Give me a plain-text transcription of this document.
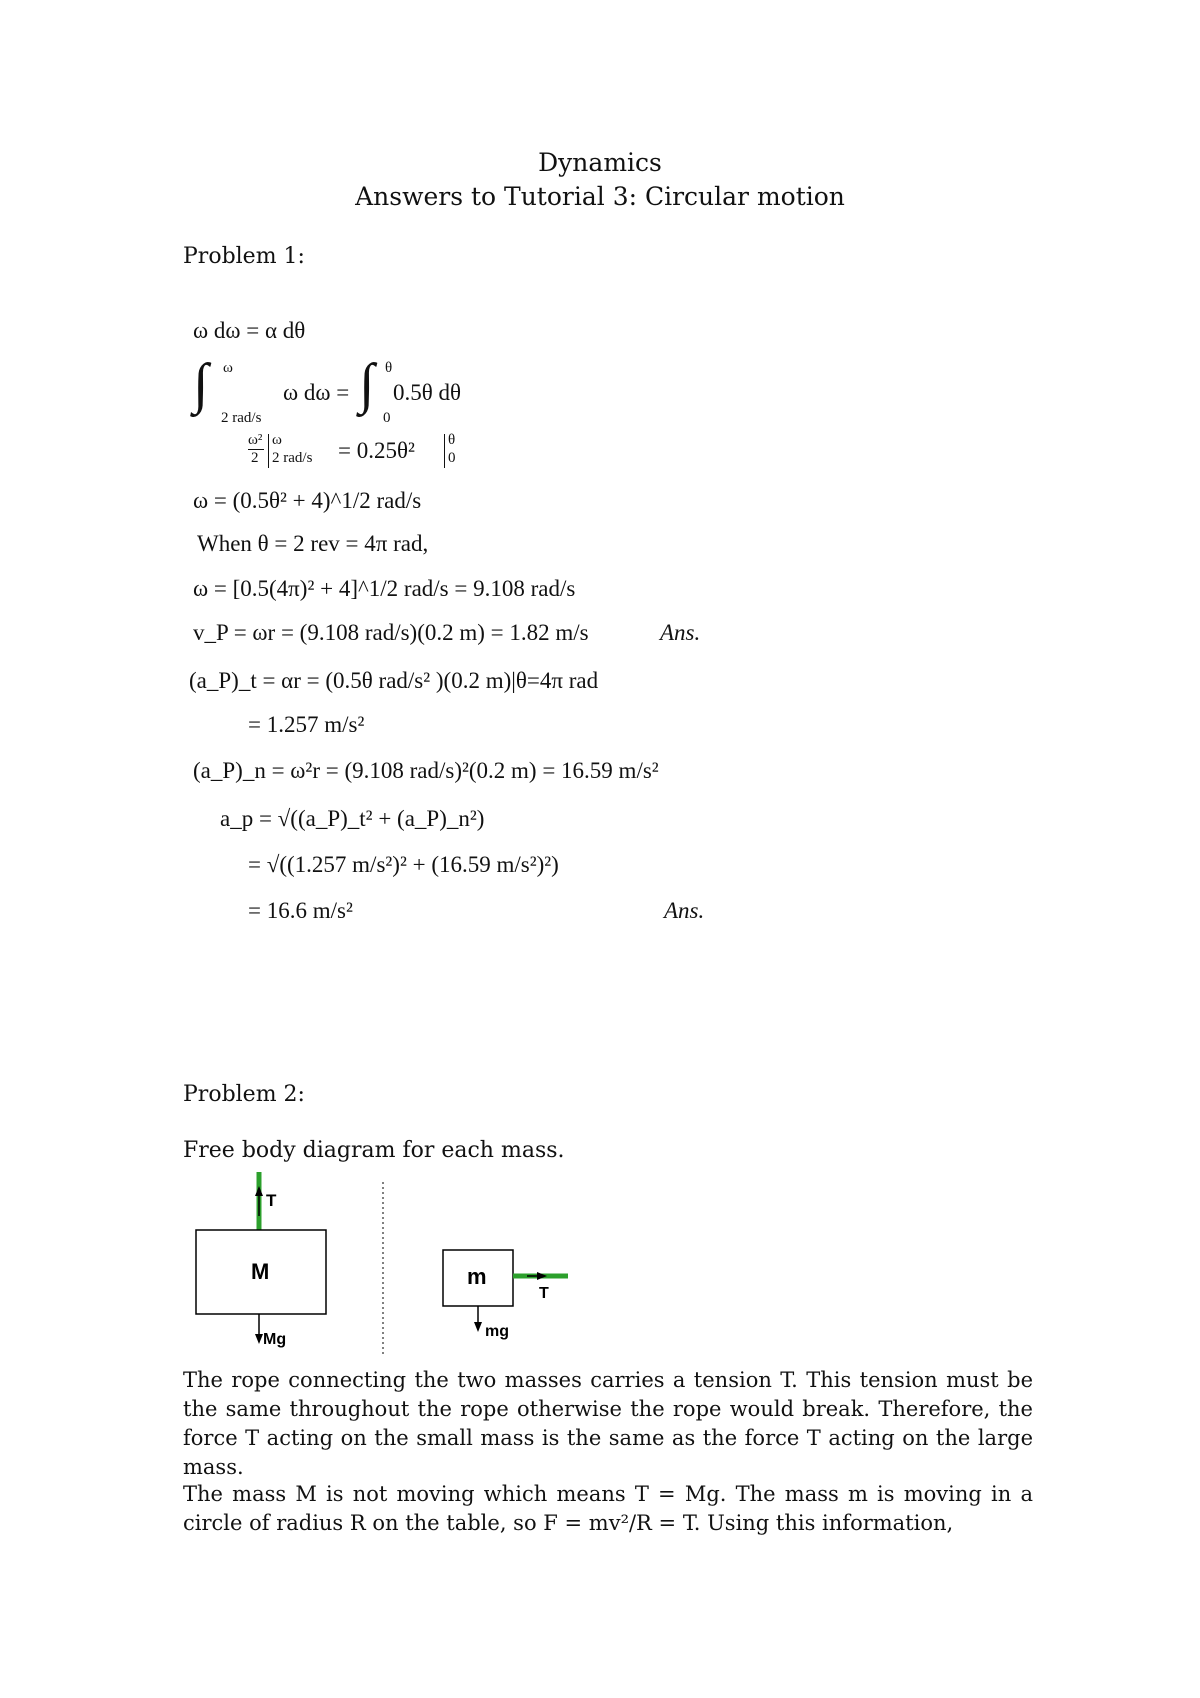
Dynamics
Answers to Tutorial 3: Circular motion
Problem 1:
ω dω = α dθ
∫ ω
2 rad/s
ω dω = ∫ θ
0
0.5θ dθ
ω²
2
ω
2 rad/s = 0.25θ² θ
0
ω = (0.5θ² + 4)^1/2 rad/s
When θ = 2 rev = 4π rad,
ω = [0.5(4π)² + 4]^1/2 rad/s = 9.108 rad/s
v_P = ωr = (9.108 rad/s)(0.2 m) = 1.82 m/s	Ans.
(a_P)_t = αr = (0.5θ rad/s² )(0.2 m)|θ=4π rad
= 1.257 m/s²
(a_P)_n = ω²r = (9.108 rad/s)²(0.2 m) = 16.59 m/s²
a_p = √((a_P)_t² + (a_P)_n²)
= √((1.257 m/s²)² + (16.59 m/s²)²)
= 16.6 m/s²	Ans.
Problem 2:
Free body diagram for each mass.
T
M
Mg
m
T
mg
The rope connecting the two masses carries a tension T. This tension must be the same throughout the rope otherwise the rope would break. Therefore, the force T acting on the small mass is the same as the force T acting on the large mass.
The mass M is not moving which means T = Mg. The mass m is moving in a circle of radius R on the table, so F = mv²/R = T. Using this information,
